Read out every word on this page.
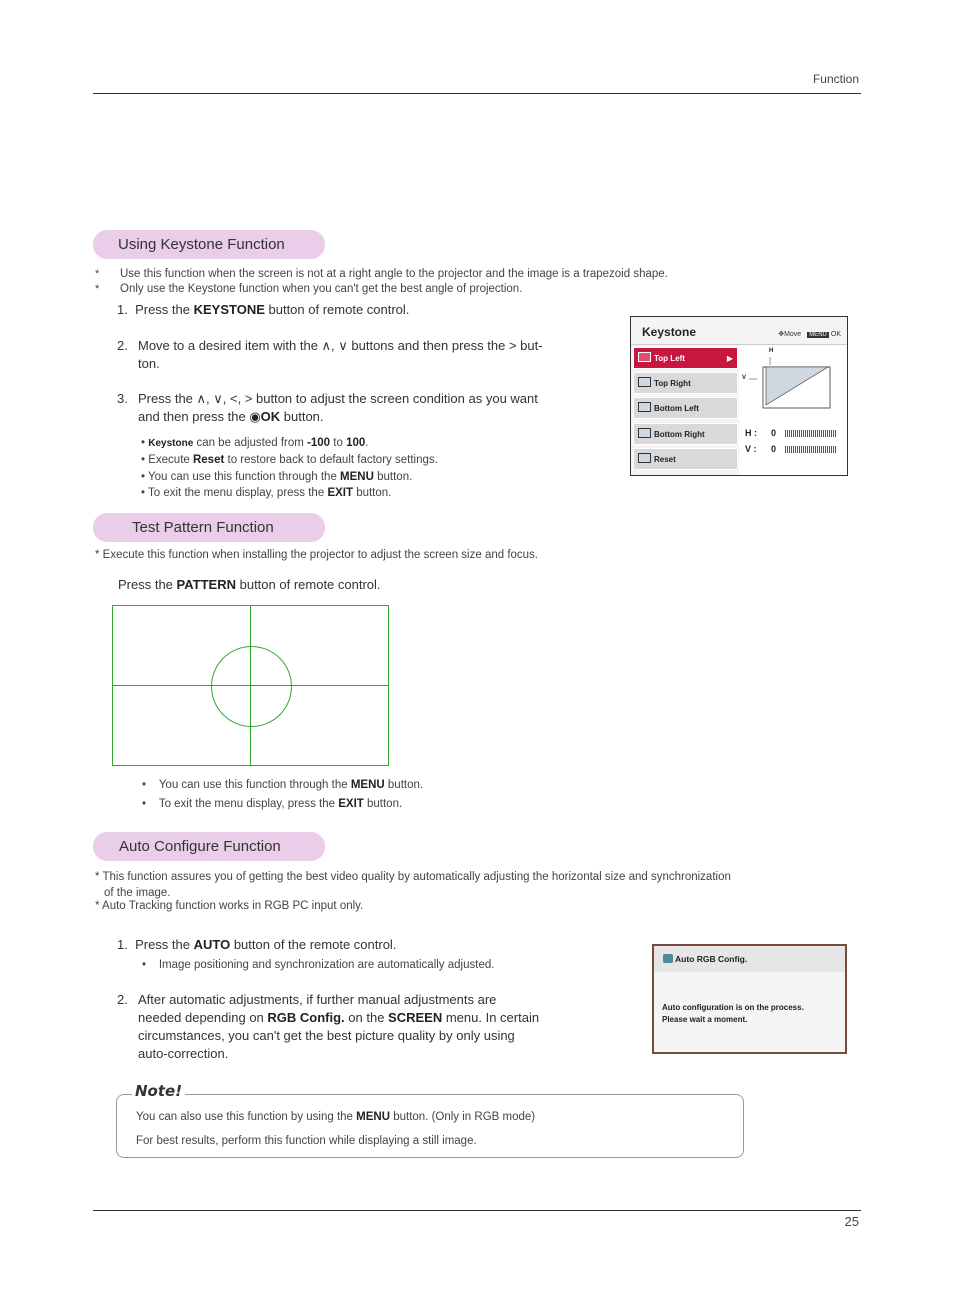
Function
Using Keystone Function
* Use this function when the screen is not at a right angle to the projector and the image is a trapezoid shape.
* Only use the Keystone function when you can't get the best angle of projection.
1. Press the KEYSTONE button of remote control.
2. Move to a desired item with the ∧, ∨ buttons and then press the > but-
ton.
3. Press the ∧, ∨, <, > button to adjust the screen condition as you want
and then press the ◉OK button.
• Keystone can be adjusted from -100 to 100.
• Execute Reset to restore back to default factory settings.
• You can use this function through the MENU button.
• To exit the menu display, press the EXIT button.
Keystone	✥Move MENU OK
Top Left	▶
Top Right
Bottom Left
Bottom Right
Reset
H
V
H : 0
V : 0
Test Pattern Function
* Execute this function when installing the projector to adjust the screen size and focus.
Press the PATTERN button of remote control.
•    You can use this function through the MENU button.
•    To exit the menu display, press the EXIT button.
Auto Configure Function
* This function assures you of getting the best video quality by automatically adjusting the horizontal size and synchronization
of the image.
* Auto Tracking function works in RGB PC input only.
1. Press the AUTO button of the remote control.
•    Image positioning and synchronization are automatically adjusted.
2. After automatic adjustments, if further manual adjustments are
needed depending on RGB Config. on the SCREEN menu. In certain
circumstances, you can't get the best picture quality by only using
auto-correction.
Auto RGB Config.
Auto configuration is on the process.
Please wait a moment.
Note!
You can also use this function by using the MENU button. (Only in RGB mode)
For best results, perform this function while displaying a still image.
25
